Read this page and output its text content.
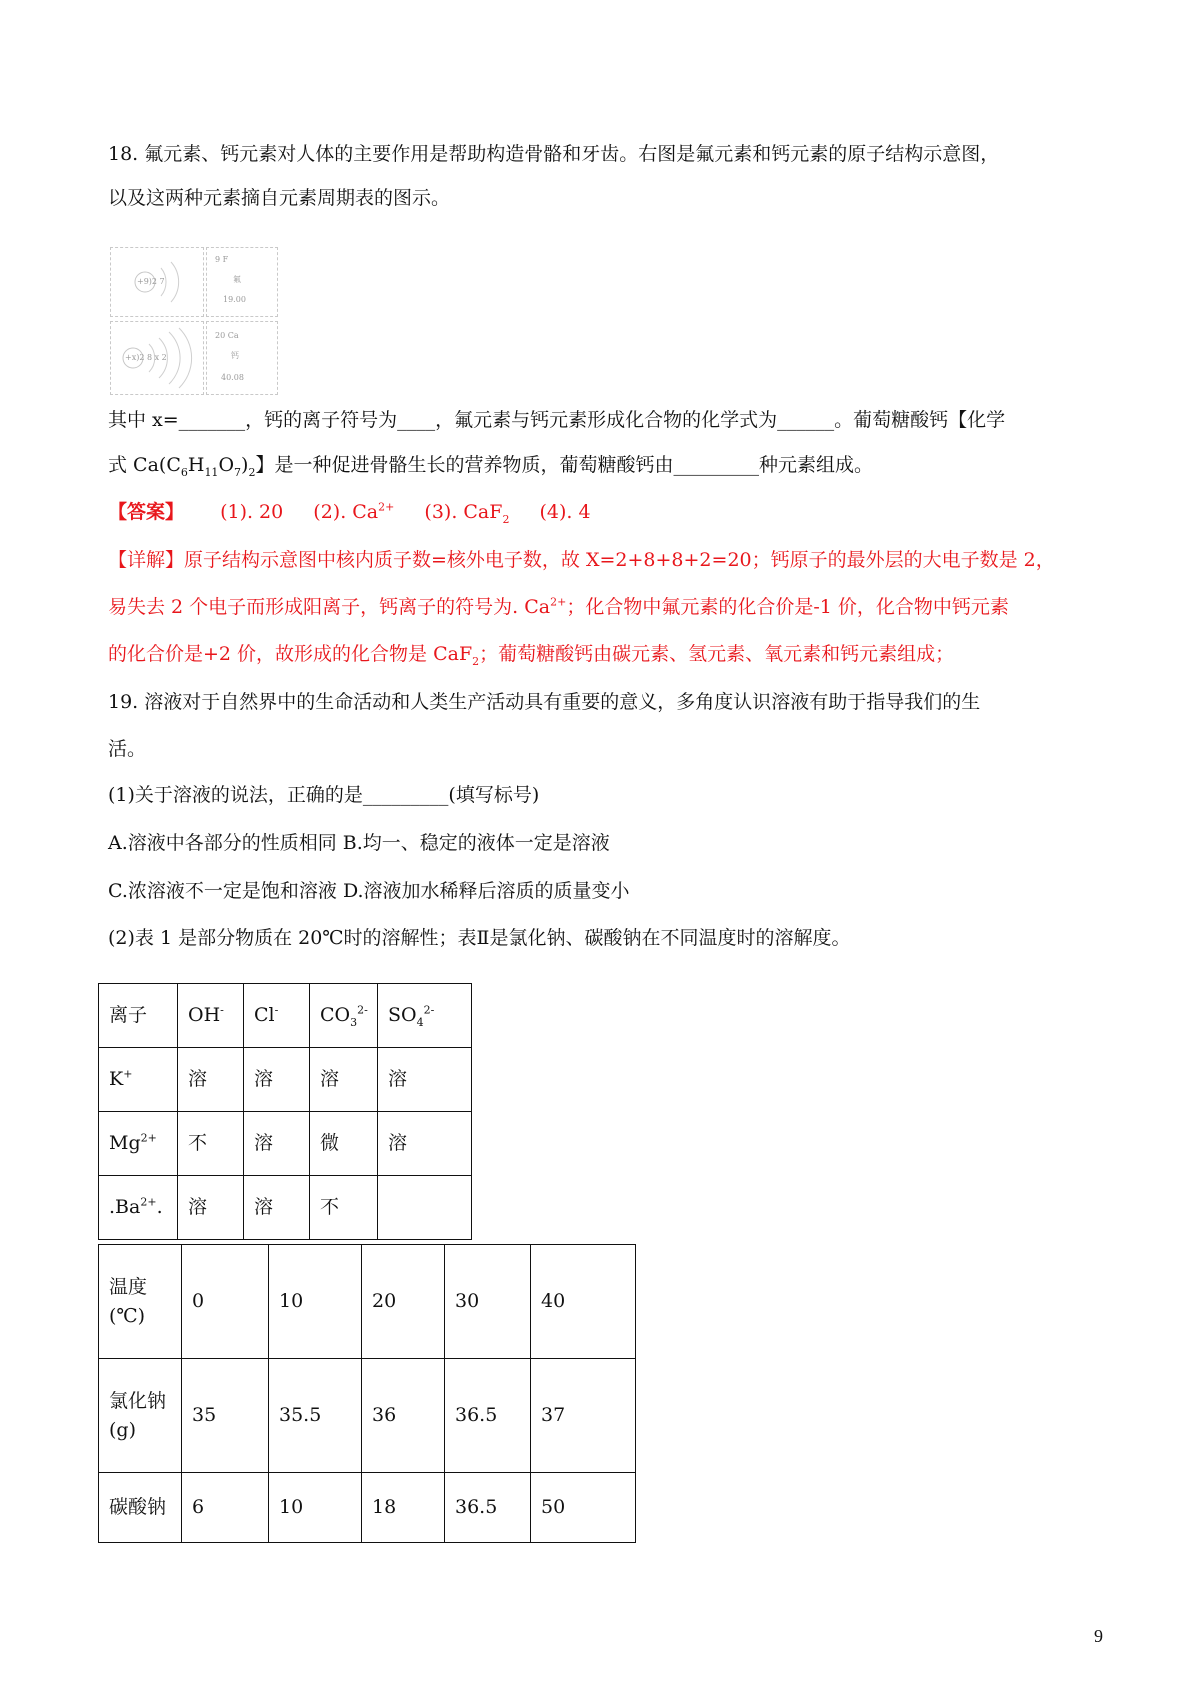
18. 氟元素、钙元素对人体的主要作用是帮助构造骨骼和牙齿。右图是氟元素和钙元素的原子结构示意图，
以及这两种元素摘自元素周期表的图示。
+9)2 7
9 F
氟
19.00
+x)2 8 x 2
20 Ca
钙
40.08
其中 x=_______，钙的离子符号为____，氟元素与钙元素形成化合物的化学式为______。葡萄糖酸钙【化学
式 $Ca(C_6H_{11}O_7)_2$】是一种促进骨骼生长的营养物质，葡萄糖酸钙由_________种元素组成。
【答案】 (1). 20 (2). $Ca^{2+}$ (3). CaF$_2$ (4). 4
【详解】原子结构示意图中核内质子数=核外电子数，故 X=2+8+8+2=20；钙原子的最外层的大电子数是 2，
易失去 2 个电子而形成阳离子，钙离子的符号为. $Ca^{2+}$；化合物中氟元素的化合价是-1 价，化合物中钙元素
的化合价是+2 价，故形成的化合物是 CaF$_2$；葡萄糖酸钙由碳元素、氢元素、氧元素和钙元素组成；
19. 溶液对于自然界中的生命活动和人类生产活动具有重要的意义，多角度认识溶液有助于指导我们的生
活。
(1)关于溶液的说法，正确的是_________(填写标号)
A.溶液中各部分的性质相同 B.均一、稳定的液体一定是溶液
C.浓溶液不一定是饱和溶液 D.溶液加水稀释后溶质的质量变小
(2)表 1 是部分物质在 20℃时的溶解性；表Ⅱ是氯化钠、碳酸钠在不同温度时的溶解度。
离子	OH-	Cl-	$CO_3^{2-}$	$SO_4^{2-}$
K+	溶	溶	溶	溶
$Mg^{2+}$	不	溶	微	溶
$.Ba^{2+}$.	溶	溶	不	
温度
(℃)	0	10	20	30	40

氯化钠
(g)	35	35.5	36	36.5	37
碳酸钠	6	10	18	36.5	50
9
